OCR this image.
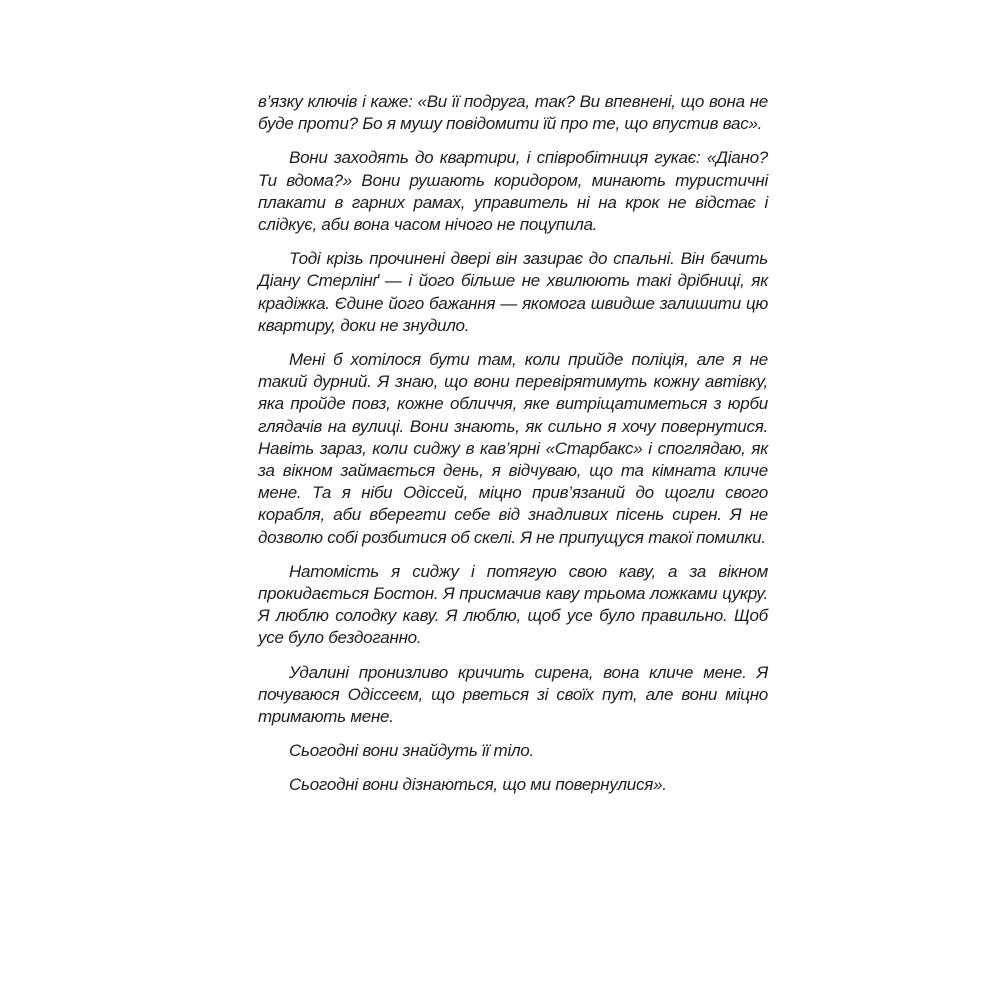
в’язку ключів і каже: «Ви її подруга, так? Ви впевнені, що вона не буде проти? Бо я мушу повідомити їй про те, що впустив вас».

Вони заходять до квартири, і співробітниця гукає: «Діано? Ти вдома?» Вони рушають коридором, минають туристичні плакати в гарних рамах, управитель ні на крок не відстає і слідкує, аби вона часом нічого не поцупила.

Тоді крізь прочинені двері він зазирає до спальні. Він бачить Діану Стерлінґ — і його більше не хвилюють такі дрібниці, як крадіжка. Єдине його бажання — якомога швидше залишити цю квартиру, доки не знудило.

Мені б хотілося бути там, коли прийде поліція, але я не такий дурний. Я знаю, що вони перевірятимуть кожну автівку, яка пройде повз, кожне обличчя, яке витріщатиметься з юрби глядачів на вулиці. Вони знають, як сильно я хочу повернутися. Навіть зараз, коли сиджу в кав’ярні «Старбакс» і споглядаю, як за вікном займається день, я відчуваю, що та кімната кличе мене. Та я ніби Одіссей, міцно прив’язаний до щогли свого корабля, аби вберегти себе від знадливих пісень сирен. Я не дозволю собі розбитися об скелі. Я не припущуся такої помилки.

Натомість я сиджу і потягую свою каву, а за вікном прокидається Бостон. Я присмачив каву трьома ложками цукру. Я люблю солодку каву. Я люблю, щоб усе було правильно. Щоб усе було бездоганно.

Удалині пронизливо кричить сирена, вона кличе мене. Я почуваюся Одіссеєм, що рветься зі своїх пут, але вони міцно тримають мене.

Сьогодні вони знайдуть її тіло.

Сьогодні вони дізнаються, що ми повернулися».
